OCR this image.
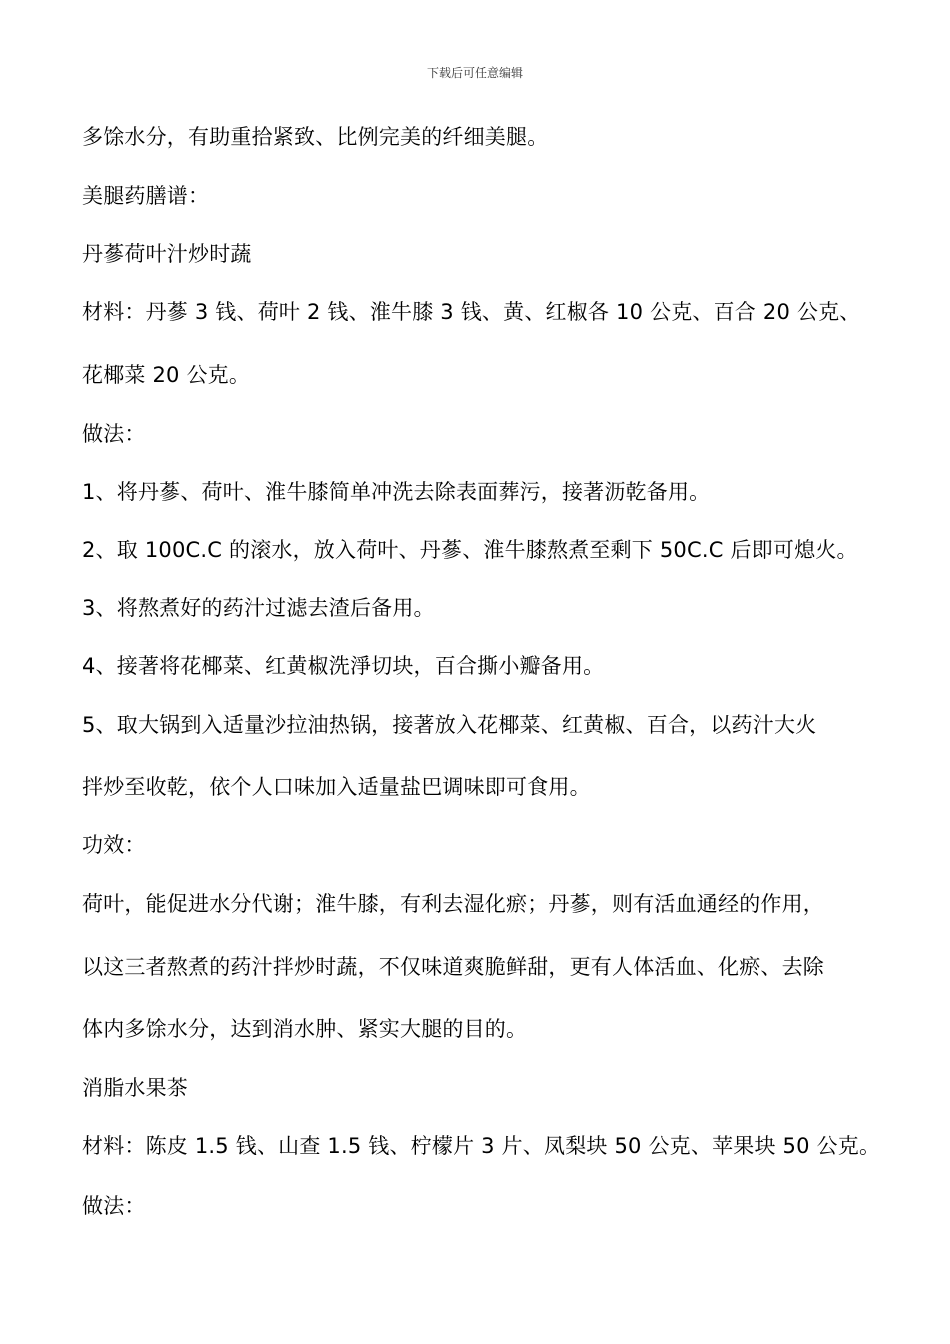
下载后可任意编辑
多馀水分，有助重拾紧致、比例完美的纤细美腿。
美腿药膳谱：
丹蔘荷叶汁炒时蔬
材料：丹蔘 3 钱、荷叶 2 钱、淮牛膝 3 钱、黄、红椒各 10 公克、百合 20 公克、
花椰菜 20 公克。
做法：
1、将丹蔘、荷叶、淮牛膝简单冲洗去除表面葬污，接著沥乾备用。
2、取 100C.C 的滚水，放入荷叶、丹蔘、淮牛膝熬煮至剩下 50C.C 后即可熄火。
3、将熬煮好的药汁过滤去渣后备用。
4、接著将花椰菜、红黄椒洗淨切块，百合撕小瓣备用。
5、取大锅到入适量沙拉油热锅，接著放入花椰菜、红黄椒、百合，以药汁大火
拌炒至收乾，依个人口味加入适量盐巴调味即可食用。
功效：
荷叶，能促进水分代谢；淮牛膝，有利去湿化瘀；丹蔘，则有活血通经的作用，
以这三者熬煮的药汁拌炒时蔬，不仅味道爽脆鲜甜，更有人体活血、化瘀、去除
体内多馀水分，达到消水肿、紧实大腿的目的。
消脂水果茶
材料：陈皮 1.5 钱、山查 1.5 钱、柠檬片 3 片、凤梨块 50 公克、苹果块 50 公克。
做法：
